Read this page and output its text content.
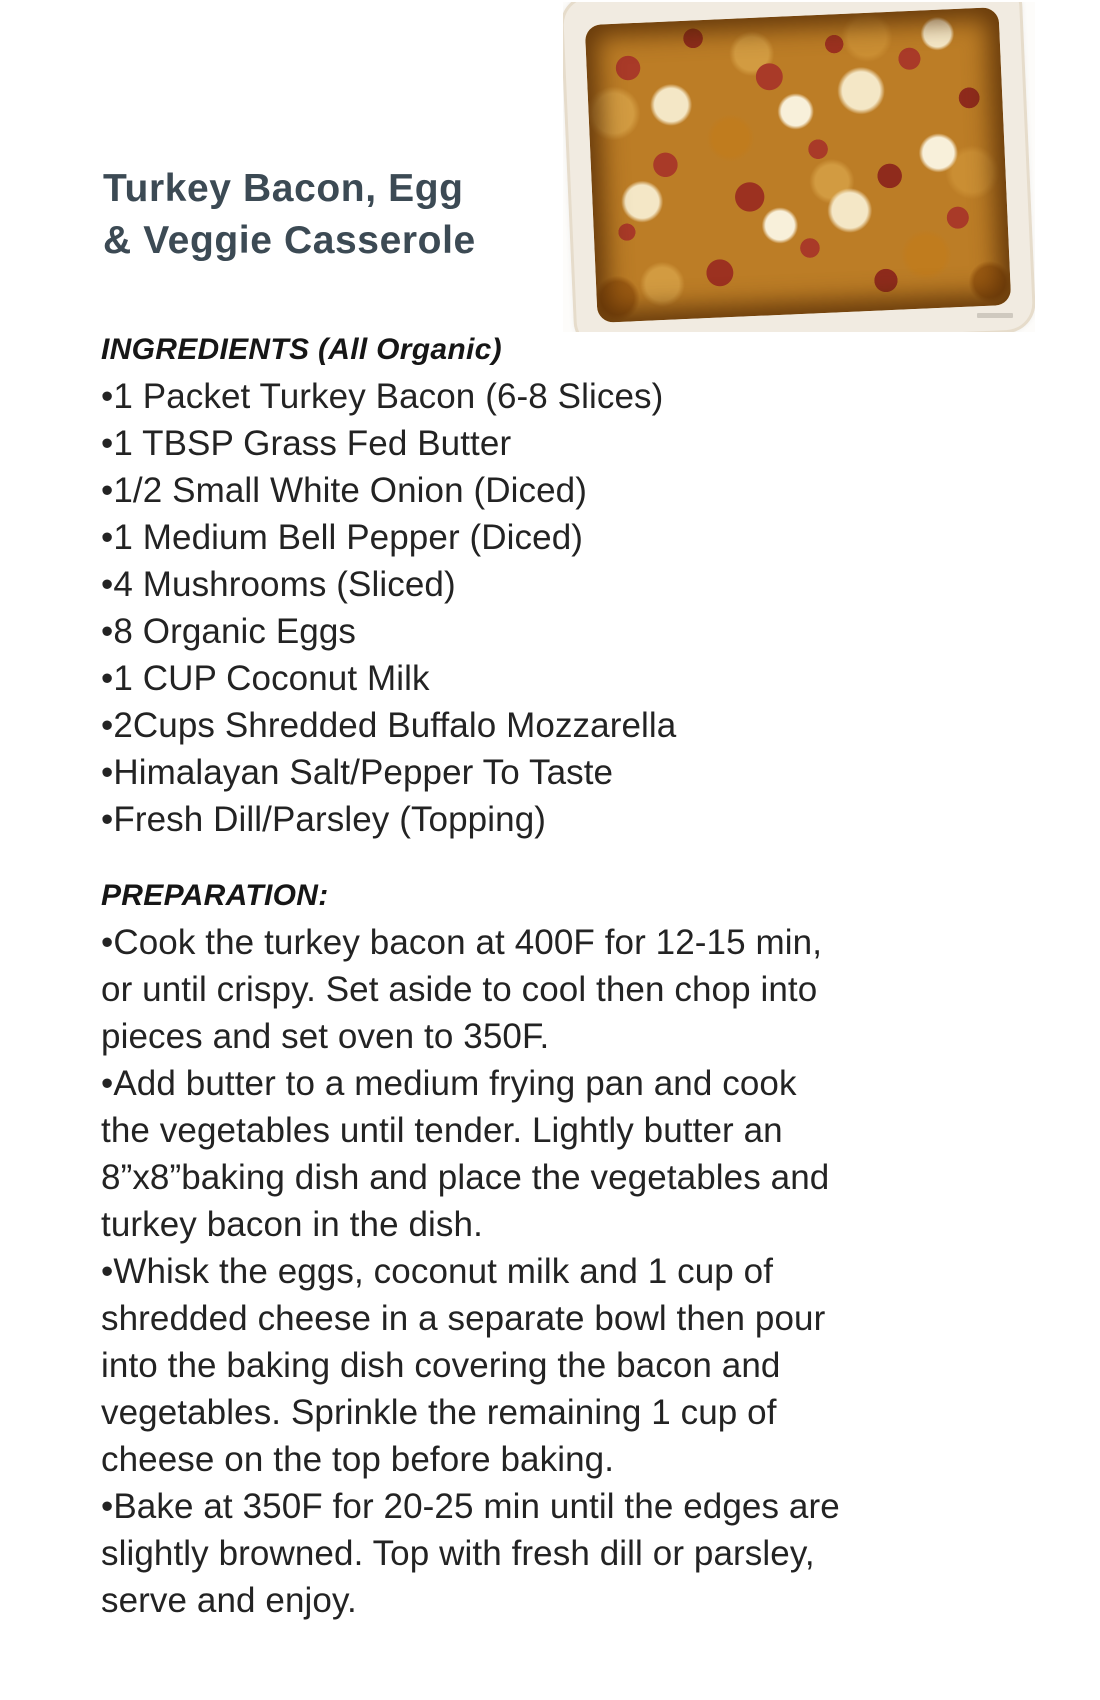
Turkey Bacon, Egg
& Veggie Casserole
INGREDIENTS (All Organic)
•1 Packet Turkey Bacon (6-8 Slices)
•1 TBSP Grass Fed Butter
•1/2 Small White Onion (Diced)
•1 Medium Bell Pepper (Diced)
•4 Mushrooms (Sliced)
•8 Organic Eggs
•1 CUP Coconut Milk
•2Cups Shredded Buffalo Mozzarella
•Himalayan Salt/Pepper To Taste
•Fresh Dill/Parsley (Topping)
PREPARATION:
•Cook the turkey bacon at 400F for 12-15 min,
or until crispy. Set aside to cool then chop into
pieces and set oven to 350F.
•Add butter to a medium frying pan and cook
the vegetables until tender. Lightly butter an
8”x8”baking dish and place the vegetables and
turkey bacon in the dish.
•Whisk the eggs, coconut milk and 1 cup of
shredded cheese in a separate bowl then pour
into the baking dish covering the bacon and
vegetables. Sprinkle the remaining 1 cup of
cheese on the top before baking.
•Bake at 350F for 20-25 min until the edges are
slightly browned. Top with fresh dill or parsley,
serve and enjoy.
